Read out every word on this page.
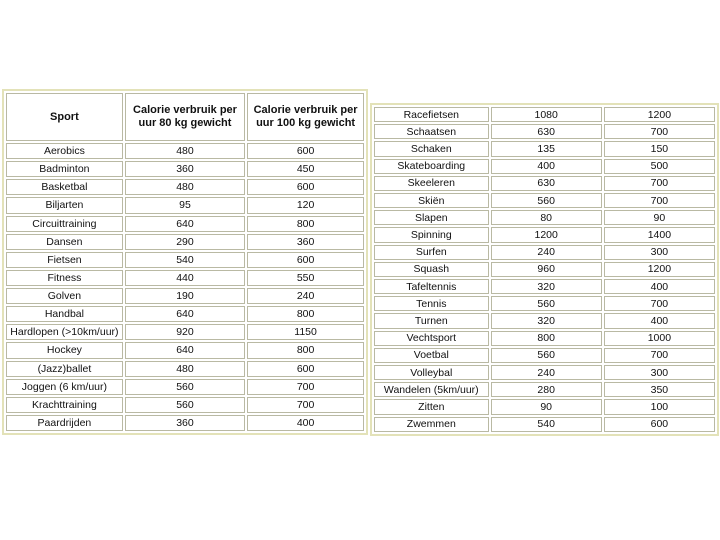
Sport	Calorie verbruik per uur 80 kg gewicht	Calorie verbruik per uur 100 kg gewicht
Aerobics	480	600
Badminton	360	450
Basketbal	480	600
Biljarten	95	120
Circuittraining	640	800
Dansen	290	360
Fietsen	540	600
Fitness	440	550
Golven	190	240
Handbal	640	800
Hardlopen (>10km/uur)	920	1150
Hockey	640	800
(Jazz)ballet	480	600
Joggen (6 km/uur)	560	700
Krachttraining	560	700
Paardrijden	360	400
Racefietsen	1080	1200
Schaatsen	630	700
Schaken	135	150
Skateboarding	400	500
Skeeleren	630	700
Skiën	560	700
Slapen	80	90
Spinning	1200	1400
Surfen	240	300
Squash	960	1200
Tafeltennis	320	400
Tennis	560	700
Turnen	320	400
Vechtsport	800	1000
Voetbal	560	700
Volleybal	240	300
Wandelen (5km/uur)	280	350
Zitten	90	100
Zwemmen	540	600
